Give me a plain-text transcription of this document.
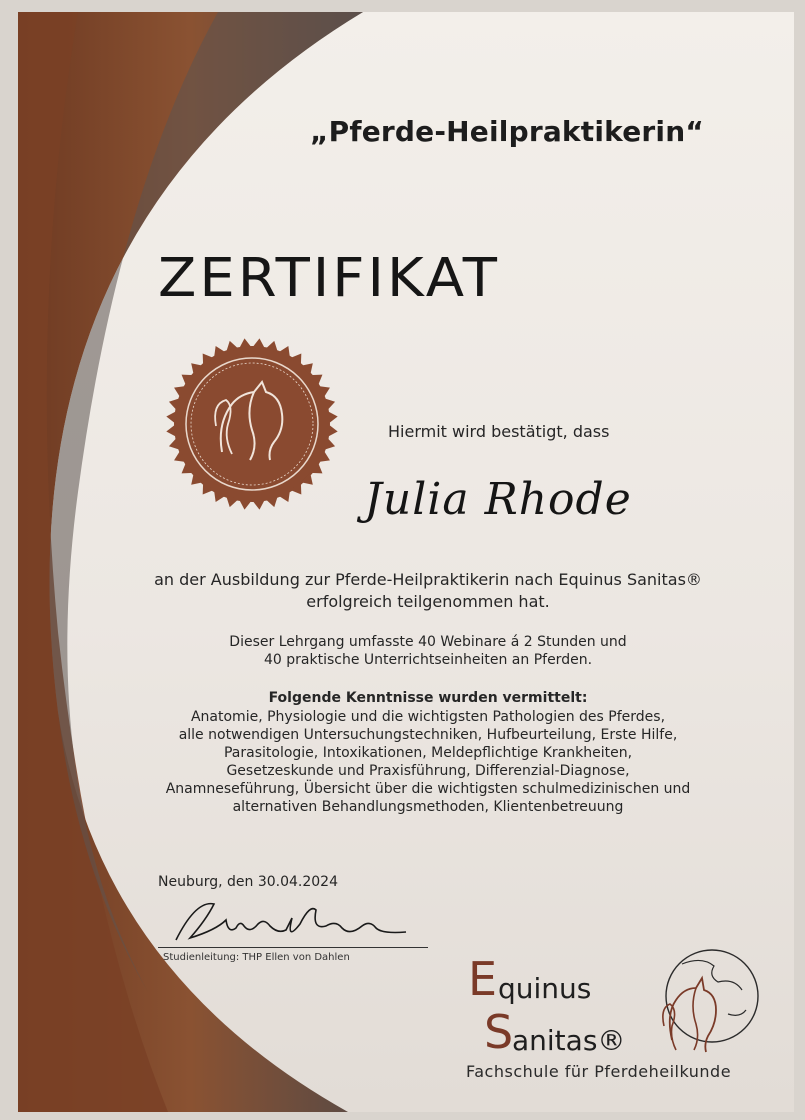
„Pferde-Heilpraktikerin“
ZERTIFIKAT
Hiermit wird bestätigt, dass
Julia Rhode
an der Ausbildung zur Pferde-Heilpraktikerin nach Equinus Sanitas®
erfolgreich teilgenommen hat.
Dieser Lehrgang umfasste 40 Webinare á 2 Stunden und
40 praktische Unterrichtseinheiten an Pferden.
Folgende Kenntnisse wurden vermittelt:
Anatomie, Physiologie und die wichtigsten Pathologien des Pferdes,
alle notwendigen Untersuchungstechniken, Hufbeurteilung, Erste Hilfe,
Parasitologie, Intoxikationen, Meldepflichtige Krankheiten,
Gesetzeskunde und Praxisführung, Differenzial-Diagnose,
Anamneseführung, Übersicht über die wichtigsten schulmedizinischen und
alternativen Behandlungsmethoden, Klientenbetreuung
Neuburg, den 30.04.2024
Studienleitung: THP Ellen von Dahlen	E quinus
S
anitas®
Fachschule für Pferdeheilkunde
